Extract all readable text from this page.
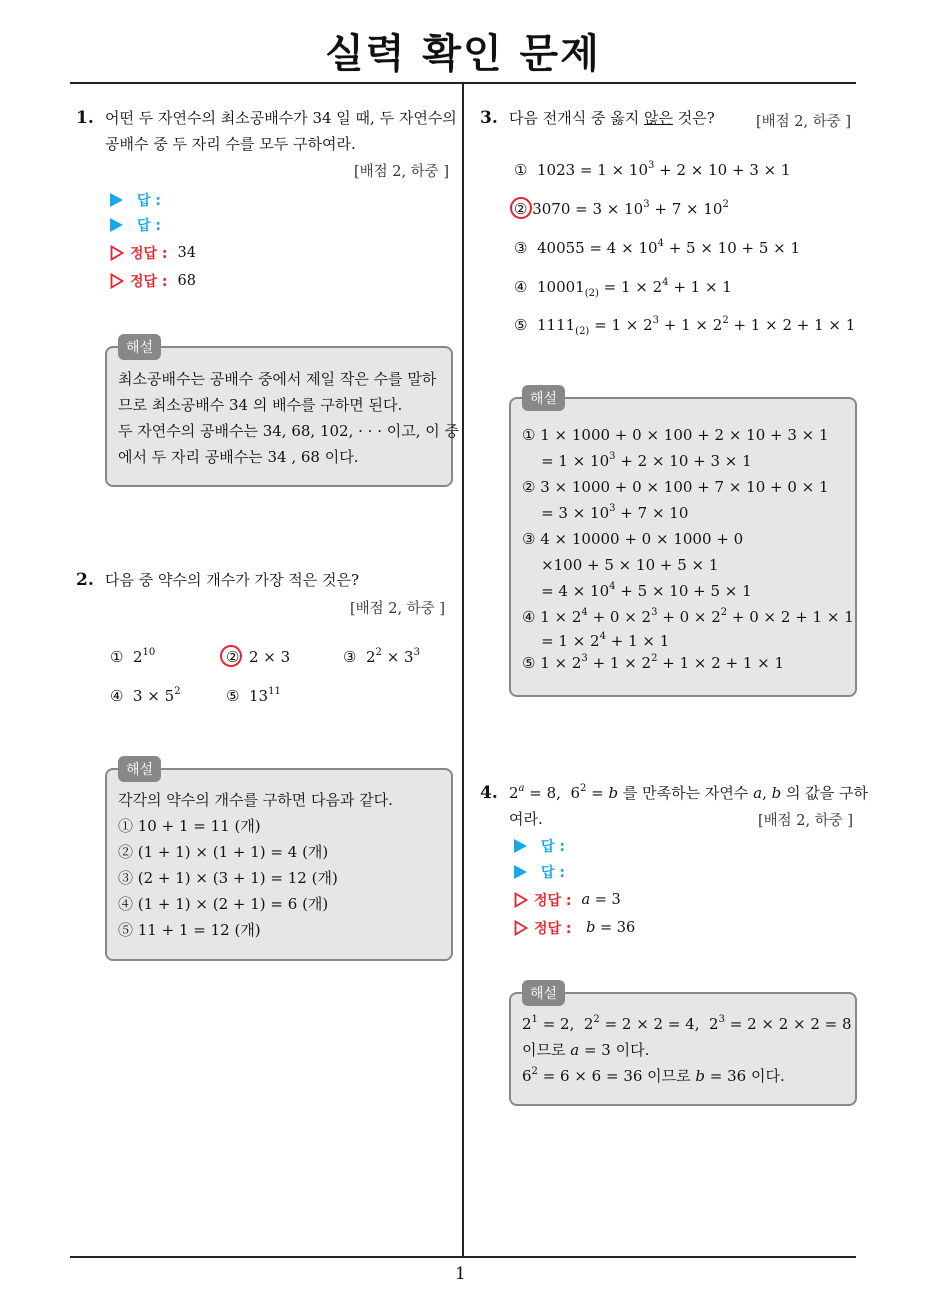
실력 확인 문제
1
1. 어떤 두 자연수의 최소공배수가 34 일 때, 두 자연수의
공배수 중 두 자리 수를 모두 구하여라.
[배점 2, 하중 ]
답 :
답 :
정답 : 34
정답 : 68
해설
최소공배수는 공배수 중에서 제일 작은 수를 말하
므로 최소공배수 34 의 배수를 구하면 된다.
두 자연수의 공배수는 34, 68, 102, · · · 이고, 이 중
에서 두 자리 공배수는 34 , 68 이다.
2. 다음 중 약수의 개수가 가장 적은 것은?
[배점 2, 하중 ]
①  $2^{10}$	②  2 × 3	③  $2^2 \times 3^3$
④  $3 \times 5^2$	⑤  $13^{11}$
해설
각각의 약수의 개수를 구하면 다음과 같다.
① 10 + 1 = 11 (개)
② (1 + 1) × (1 + 1) = 4 (개)
③ (2 + 1) × (3 + 1) = 12 (개)
④ (1 + 1) × (2 + 1) = 6 (개)
⑤ 11 + 1 = 12 (개)
3. 다음 전개식 중 옳지 않은 것은?	[배점 2, 하중 ]
①  $1023 = 1 \times 10^3 + 2 \times 10 + 3 \times 1$
② $3070 = 3 \times 10^3 + 7 \times 10^2$
③  $40055 = 4 \times 10^4 + 5 \times 10 + 5 \times 1$
④  $10001_{(2)} = 1 \times 2^4 + 1 \times 1$
⑤  $1111_{(2)} = 1 \times 2^3 + 1 \times 2^2 + 1 \times 2 + 1 \times 1$
해설
① 1 × 1000 + 0 × 100 + 2 × 10 + 3 × 1
= $1 \times 10^3 + 2 \times 10 + 3 \times 1$
② 3 × 1000 + 0 × 100 + 7 × 10 + 0 × 1
= $3 \times 10^3 + 7 \times 10$
③ 4 × 10000 + 0 × 1000 + 0
×100 + 5 × 10 + 5 × 1
= $4 \times 10^4 + 5 \times 10 + 5 \times 1$
④ $1 \times 2^4 + 0 \times 2^3 + 0 \times 2^2 + 0 \times 2 + 1 \times 1$
= $1 \times 2^4 + 1 \times 1$
⑤ $1 \times 2^3 + 1 \times 2^2 + 1 \times 2 + 1 \times 1$
4. $2^a = 8$,  $6^2 = b$ 를 만족하는 자연수 a, b 의 값을 구하
여라.	[배점 2, 하중 ]
답 :
답 :
정답 : a = 3
정답 :	b = 36
해설
$2^1 = 2$,  $2^2 = 2 \times 2 = 4$,  $2^3 = 2 \times 2 \times 2 = 8$
이므로 a = 3 이다.
$6^2 = 6 \times 6 = 36$ 이므로 b = 36 이다.
